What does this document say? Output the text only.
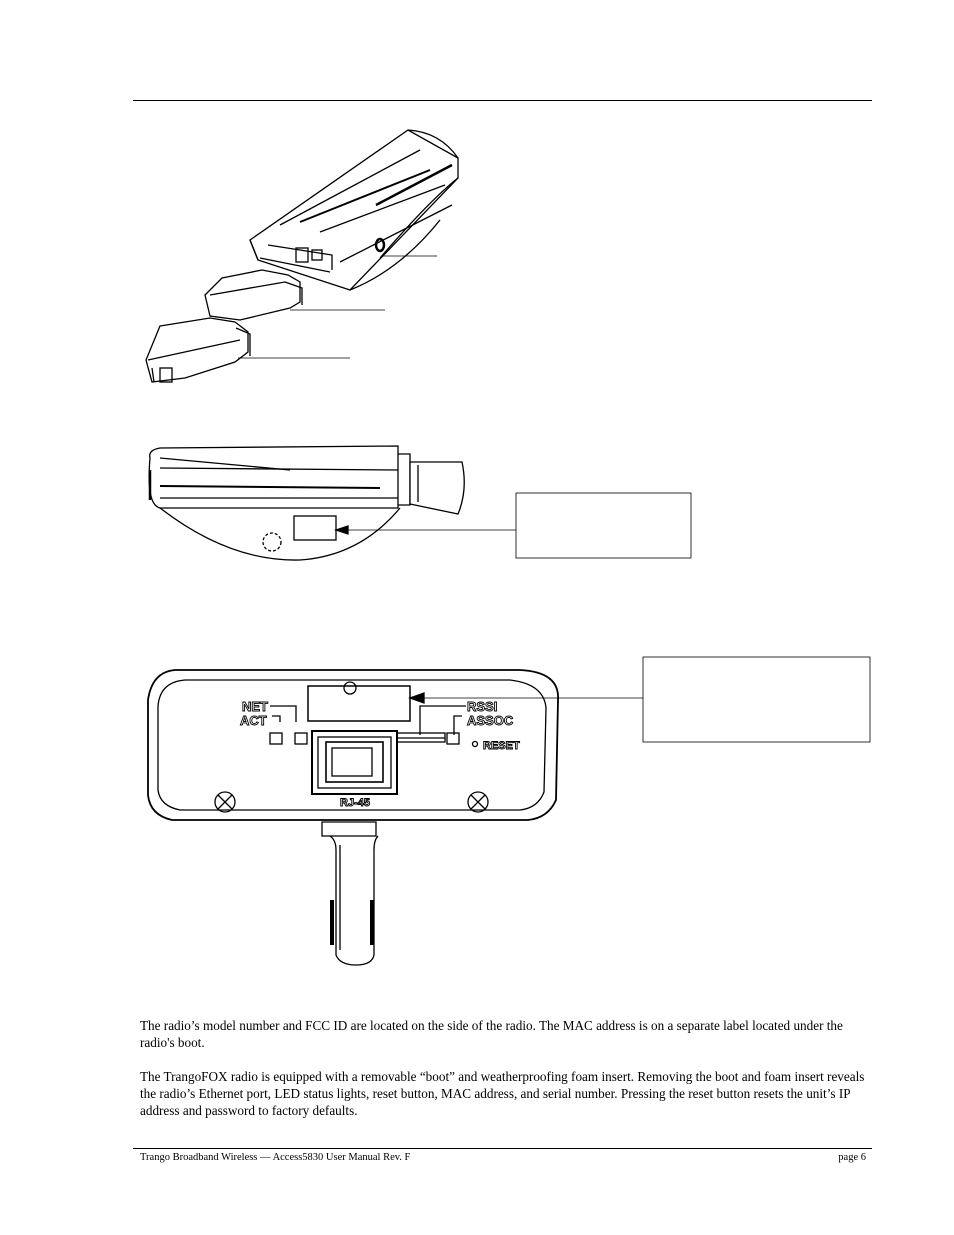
NET
ACT
RSSI
ASSOC
RESET
RJ-45

The radio’s model number and FCC ID are located on the side of the radio. The MAC address is on a separate label located under the radio's boot.

The TrangoFOX radio is equipped with a removable “boot” and weatherproofing foam insert. Removing the boot and foam insert reveals the radio’s Ethernet port, LED status lights, reset button, MAC address, and serial number. Pressing the reset button resets the unit’s IP address and password to factory defaults.

Trango Broadband Wireless — Access5830 User Manual Rev. F	page 6
